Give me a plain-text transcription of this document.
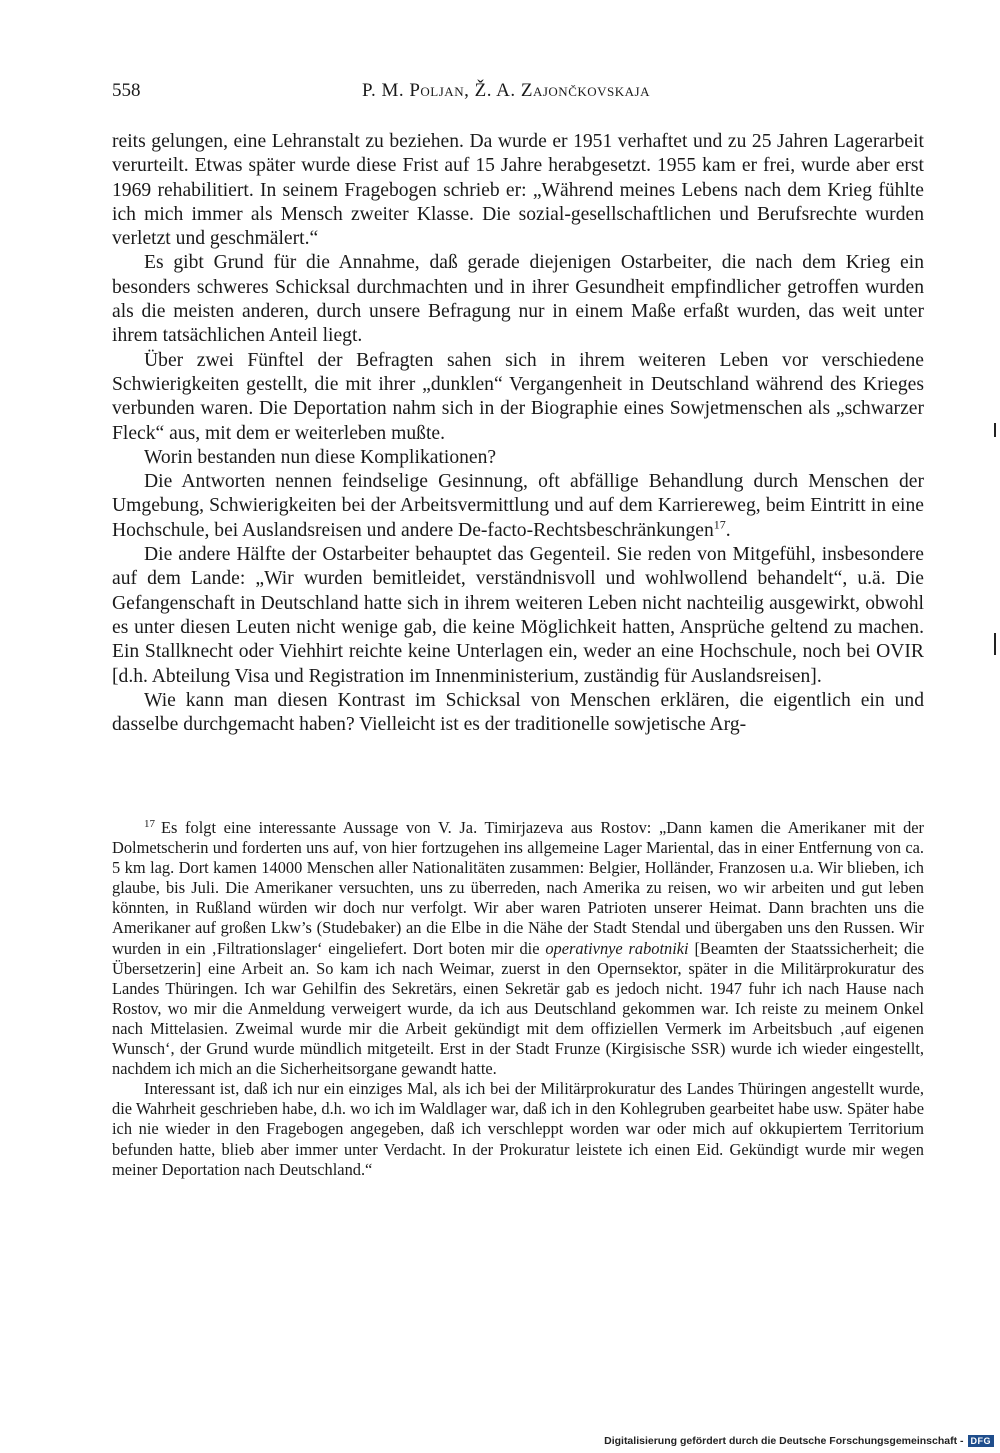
558	P. M. Poljan, Ž. A. Zajončkovskaja

reits gelungen, eine Lehranstalt zu beziehen. Da wurde er 1951 verhaftet und zu 25 Jahren Lagerarbeit verurteilt. Etwas später wurde diese Frist auf 15 Jahre herabgesetzt. 1955 kam er frei, wurde aber erst 1969 rehabilitiert. In seinem Fragebogen schrieb er: „Während meines Lebens nach dem Krieg fühlte ich mich immer als Mensch zweiter Klasse. Die sozial-gesellschaftlichen und Berufsrechte wurden verletzt und geschmälert.“

Es gibt Grund für die Annahme, daß gerade diejenigen Ostarbeiter, die nach dem Krieg ein besonders schweres Schicksal durchmachten und in ihrer Gesundheit empfindlicher getroffen wurden als die meisten anderen, durch unsere Befragung nur in einem Maße erfaßt wurden, das weit unter ihrem tatsächlichen Anteil liegt.

Über zwei Fünftel der Befragten sahen sich in ihrem weiteren Leben vor verschiedene Schwierigkeiten gestellt, die mit ihrer „dunklen“ Vergangenheit in Deutschland während des Krieges verbunden waren. Die Deportation nahm sich in der Biographie eines Sowjetmenschen als „schwarzer Fleck“ aus, mit dem er weiterleben mußte.

Worin bestanden nun diese Komplikationen?

Die Antworten nennen feindselige Gesinnung, oft abfällige Behandlung durch Menschen der Umgebung, Schwierigkeiten bei der Arbeitsvermittlung und auf dem Karriereweg, beim Eintritt in eine Hochschule, bei Auslandsreisen und andere De-facto-Rechtsbeschränkungen$^{17}$.

Die andere Hälfte der Ostarbeiter behauptet das Gegenteil. Sie reden von Mitgefühl, insbesondere auf dem Lande: „Wir wurden bemitleidet, verständnisvoll und wohlwollend behandelt“, u.ä. Die Gefangenschaft in Deutschland hatte sich in ihrem weiteren Leben nicht nachteilig ausgewirkt, obwohl es unter diesen Leuten nicht wenige gab, die keine Möglichkeit hatten, Ansprüche geltend zu machen. Ein Stallknecht oder Viehhirt reichte keine Unterlagen ein, weder an eine Hochschule, noch bei OVIR [d.h. Abteilung Visa und Registration im Innenministerium, zuständig für Auslandsreisen].

Wie kann man diesen Kontrast im Schicksal von Menschen erklären, die eigentlich ein und dasselbe durchgemacht haben? Vielleicht ist es der traditionelle sowjetische Arg-

$^{17}$ Es folgt eine interessante Aussage von V. Ja. Timirjazeva aus Rostov: „Dann kamen die Amerikaner mit der Dolmetscherin und forderten uns auf, von hier fortzugehen ins allgemeine Lager Mariental, das in einer Entfernung von ca. 5 km lag. Dort kamen 14000 Menschen aller Nationalitäten zusammen: Belgier, Holländer, Franzosen u.a. Wir blieben, ich glaube, bis Juli. Die Amerikaner versuchten, uns zu überreden, nach Amerika zu reisen, wo wir arbeiten und gut leben könnten, in Rußland würden wir doch nur verfolgt. Wir aber waren Patrioten unserer Heimat. Dann brachten uns die Amerikaner auf großen Lkw’s (Studebaker) an die Elbe in die Nähe der Stadt Stendal und übergaben uns den Russen. Wir wurden in ein ‚Filtrationslager‘ eingeliefert. Dort boten mir die operativnye rabotniki [Beamten der Staatssicherheit; die Übersetzerin] eine Arbeit an. So kam ich nach Weimar, zuerst in den Opernsektor, später in die Militärprokuratur des Landes Thüringen. Ich war Gehilfin des Sekretärs, einen Sekretär gab es jedoch nicht. 1947 fuhr ich nach Hause nach Rostov, wo mir die Anmeldung verweigert wurde, da ich aus Deutschland gekommen war. Ich reiste zu meinem Onkel nach Mittelasien. Zweimal wurde mir die Arbeit gekündigt mit dem offiziellen Vermerk im Arbeitsbuch ‚auf eigenen Wunsch‘, der Grund wurde mündlich mitgeteilt. Erst in der Stadt Frunze (Kirgisische SSR) wurde ich wieder eingestellt, nachdem ich mich an die Sicherheitsorgane gewandt hatte.

Interessant ist, daß ich nur ein einziges Mal, als ich bei der Militärprokuratur des Landes Thüringen angestellt wurde, die Wahrheit geschrieben habe, d.h. wo ich im Waldlager war, daß ich in den Kohlegruben gearbeitet habe usw. Später habe ich nie wieder in den Fragebogen angegeben, daß ich verschleppt worden war oder mich auf okkupiertem Territorium befunden hatte, blieb aber immer unter Verdacht. In der Prokuratur leistete ich einen Eid. Gekündigt wurde mir wegen meiner Deportation nach Deutschland.“

Digitalisierung gefördert durch die Deutsche Forschungsgemeinschaft - DFG
